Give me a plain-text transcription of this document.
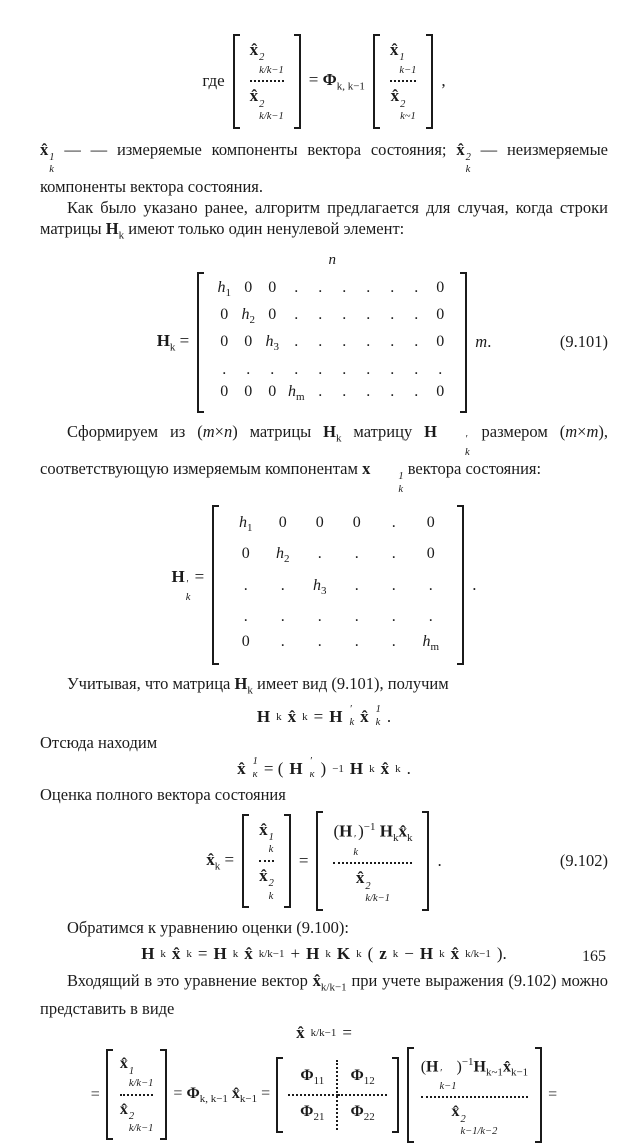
где
x̂ 2
k/k−1
x̂ 2
k/k−1
= $\Phi_{k, k-1}$
x̂ 1
k−1
x̂ 2
k~1
,

x̂ 1
k
— — измеряемые компоненты вектора состояния; x̂ 2
k
— неизмеряемые компоненты вектора состояния.

Как было указано ранее, алгоритм предлагается для случая, когда строки матрицы $H_k$ имеют только один ненулевой элемент:

$H_k$ =
n
$h_1$ 0	0	.	.	.	.	.	.	0
0 $h_2$ 0	.	.	.	.	.	.	0
0	0 $h_3$ .	.	.	.	.	.	0
.	.	.	.	.	.	.	.	.	.
0	0	0 $h_m$ .	.	.	.	.	0
m.	(9.101)

Сформируем из (m×n) матрицы $H_k$ матрицу H	′
k
размером (m×m), соответствующую измеряемым компонентам x	1
k
вектора состояния:

H ′
k
=
$h_1$	0	0	0	.	0
0	$h_2$	.	.	.	0
.	.	$h_3$	.	.	.
.	.	.	.	.	.
0	.	.	.	.	$h_m$
.

Учитывая, что матрица $H_k$ имеет вид (9.101), получим

H k x̂ k = H ′
k x̂ 1
k .

Отсюда находим

x̂ 1
к = ( H ′
к ) −1 H k x̂ k .

Оценка полного вектора состояния

$x̂_k$ =
x̂ 1
k
x̂ 2
k
=
(H ′
k
)$^{-1}$ $H_kx̂_k$
x̂ 2
k/k−1
.	(9.102)

Обратимся к уравнению оценки (9.100):

H k x̂ k = H k x̂ k/k−1 + H k K k ( z k − H k x̂ k/k−1 ).

Входящий в это уравнение вектор $x̂_{k/k-1}$ при учете выражения (9.102) можно представить в виде

x̂ k/k−1 =
=
x̂ 1
k/k−1
x̂ 2
k/k−1
= $\Phi_{k, k-1}$ $x̂_{k-1}$ =
$\Phi_{11}$	$\Phi_{12}$
$\Phi_{21}$	$\Phi_{22}$
(H ′
k−1
)$^{-1}H_{k\sim 1}x̂_{k-1}$
x̂ 2
k−1/k−2
=
165
